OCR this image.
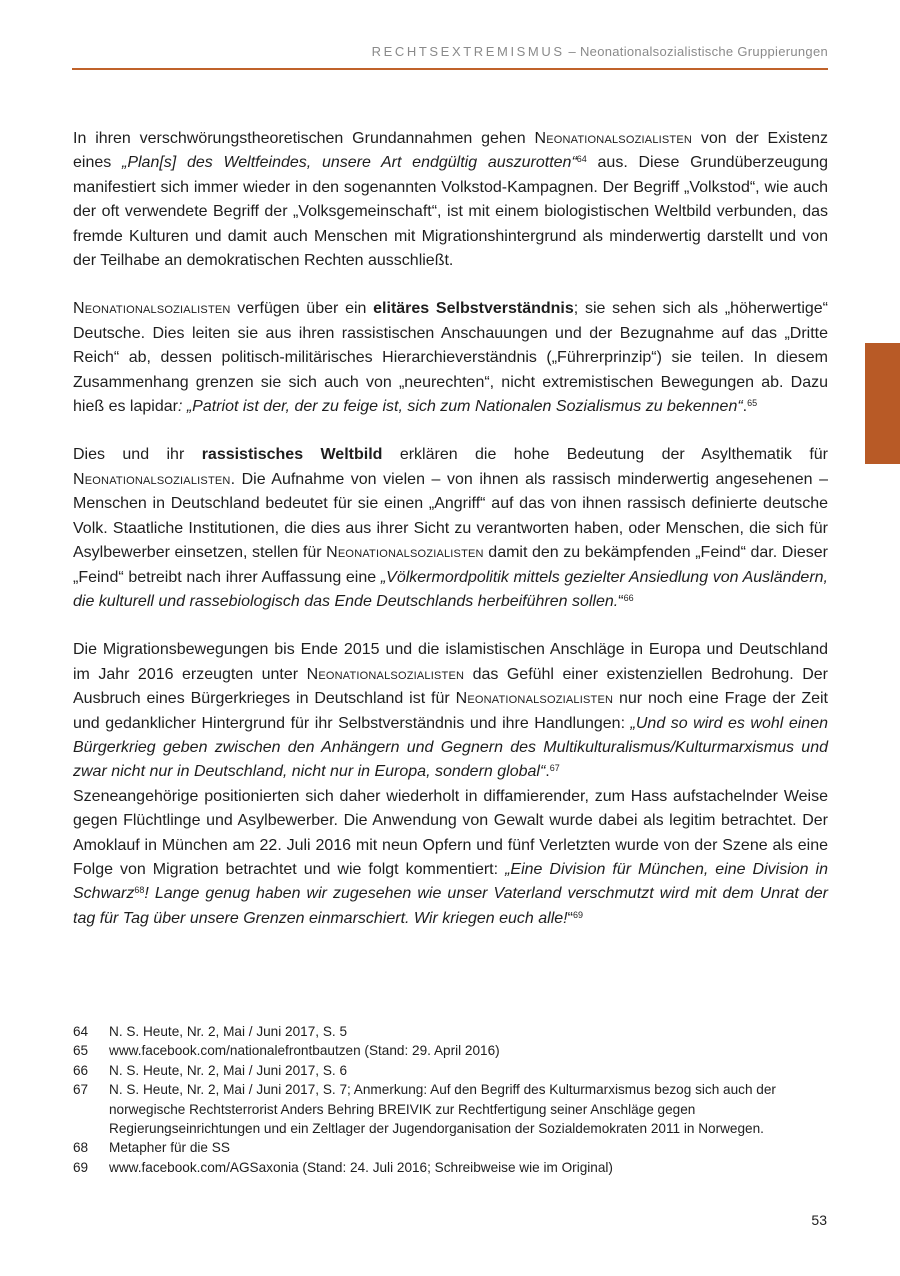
RECHTSEXTREMISMUS – Neonationalsozialistische Gruppierungen

In ihren verschwörungstheoretischen Grundannahmen gehen Neonationalsozialisten von der Existenz eines „Plan[s] des Weltfeindes, unsere Art endgültig auszurotten“$^{64}$ aus. Diese Grundüberzeugung manifestiert sich immer wieder in den sogenannten Volkstod-Kampagnen. Der Begriff „Volkstod“, wie auch der oft verwendete Begriff der „Volksgemeinschaft“, ist mit einem biologistischen Weltbild verbunden, das fremde Kulturen und damit auch Menschen mit Migrationshintergrund als minderwertig darstellt und von der Teilhabe an demokratischen Rechten ausschließt.

Neonationalsozialisten verfügen über ein elitäres Selbstverständnis; sie sehen sich als „höherwertige“ Deutsche. Dies leiten sie aus ihren rassistischen Anschauungen und der Bezugnahme auf das „Dritte Reich“ ab, dessen politisch-militärisches Hierarchieverständnis („Führerprinzip“) sie teilen. In diesem Zusammenhang grenzen sie sich auch von „neurechten“, nicht extremistischen Bewegungen ab. Dazu hieß es lapidar: „Patriot ist der, der zu feige ist, sich zum Nationalen Sozialismus zu bekennen“.$^{65}$

Dies und ihr rassistisches Weltbild erklären die hohe Bedeutung der Asylthematik für Neonationalsozialisten. Die Aufnahme von vielen – von ihnen als rassisch minderwertig angesehenen – Menschen in Deutschland bedeutet für sie einen „Angriff“ auf das von ihnen rassisch definierte deutsche Volk. Staatliche Institutionen, die dies aus ihrer Sicht zu verantworten haben, oder Menschen, die sich für Asylbewerber einsetzen, stellen für Neonationalsozialisten damit den zu bekämpfenden „Feind“ dar. Dieser „Feind“ betreibt nach ihrer Auffassung eine „Völkermordpolitik mittels gezielter Ansiedlung von Ausländern, die kulturell und rassebiologisch das Ende Deutschlands herbeiführen sollen.“$^{66}$

Die Migrationsbewegungen bis Ende 2015 und die islamistischen Anschläge in Europa und Deutschland im Jahr 2016 erzeugten unter Neonationalsozialisten das Gefühl einer existenziellen Bedrohung. Der Ausbruch eines Bürgerkrieges in Deutschland ist für Neonationalsozialisten nur noch eine Frage der Zeit und gedanklicher Hintergrund für ihr Selbstverständnis und ihre Handlungen: „Und so wird es wohl einen Bürgerkrieg geben zwischen den Anhängern und Gegnern des Multikulturalismus/Kulturmarxismus und zwar nicht nur in Deutschland, nicht nur in Europa, sondern global“.$^{67}$

Szeneangehörige positionierten sich daher wiederholt in diffamierender, zum Hass aufstachelnder Weise gegen Flüchtlinge und Asylbewerber. Die Anwendung von Gewalt wurde dabei als legitim betrachtet. Der Amoklauf in München am 22. Juli 2016 mit neun Opfern und fünf Verletzten wurde von der Szene als eine Folge von Migration betrachtet und wie folgt kommentiert: „Eine Division für München, eine Division in Schwarz$^{68}$! Lange genug haben wir zugesehen wie unser Vaterland verschmutzt wird mit dem Unrat der tag für Tag über unsere Grenzen einmarschiert. Wir kriegen euch alle!“$^{69}$

64	N. S. Heute, Nr. 2, Mai / Juni 2017, S. 5
65	www.facebook.com/nationalefrontbautzen (Stand: 29. April 2016)
66	N. S. Heute, Nr. 2, Mai / Juni 2017, S. 6
67	N. S. Heute, Nr. 2, Mai / Juni 2017, S. 7; Anmerkung: Auf den Begriff des Kulturmarxismus bezog sich auch der norwegische Rechtsterrorist Anders Behring BREIVIK zur Rechtfertigung seiner Anschläge gegen Regierungseinrichtungen und ein Zeltlager der Jugendorganisation der Sozialdemokraten 2011 in Norwegen.
68	Metapher für die SS
69	www.facebook.com/AGSaxonia (Stand: 24. Juli 2016; Schreibweise wie im Original)
53
